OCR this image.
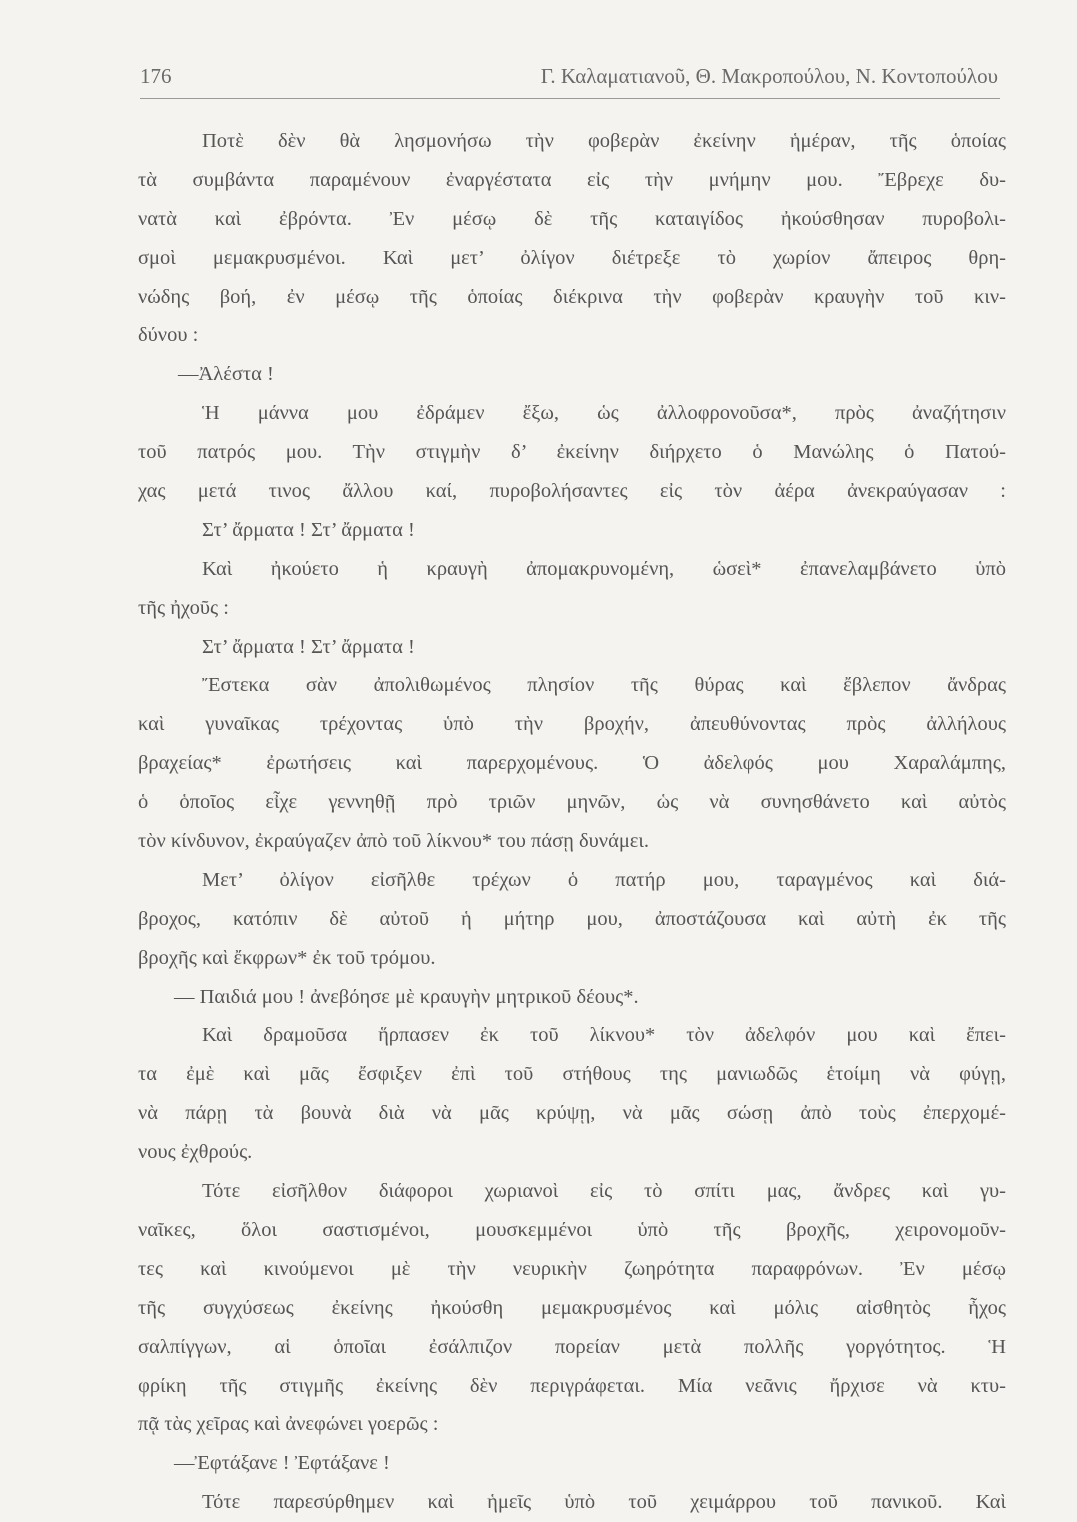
176	Γ. Καλαματιανοῦ, Θ. Μακροπούλου, Ν. Κοντοπούλου
Ποτὲ δὲν θὰ λησμονήσω τὴν φοβερὰν ἐκείνην ἡμέραν, τῆς ὁποίας
τὰ συμβάντα παραμένουν ἐναργέστατα εἰς τὴν μνήμην μου. Ἔβρεχε δυ-
νατὰ καὶ ἐβρόντα. Ἐν μέσῳ δὲ τῆς καταιγίδος ἠκούσθησαν πυροβολι-
σμοὶ μεμακρυσμένοι. Καὶ μετ’ ὀλίγον διέτρεξε τὸ χωρίον ἄπειρος θρη-
νώδης βοή, ἐν μέσῳ τῆς ὁποίας διέκρινα τὴν φοβερὰν κραυγὴν τοῦ κιν-
δύνου :
—Ἀλέστα !
Ἡ μάννα μου ἐδράμεν ἔξω, ὡς ἀλλοφρονοῦσα*, πρὸς ἀναζήτησιν
τοῦ πατρός μου. Τὴν στιγμὴν δ’ ἐκείνην διήρχετο ὁ Μανώλης ὁ Πατού-
χας μετά τινος ἄλλου καί, πυροβολήσαντες εἰς τὸν ἀέρα ἀνεκραύγασαν :
Στ’ ἄρματα ! Στ’ ἄρματα !
Καὶ ἠκούετο ἡ κραυγὴ ἀπομακρυνομένη, ὡσεὶ* ἐπανελαμβάνετο ὑπὸ
τῆς ἠχοῦς :
Στ’ ἄρματα ! Στ’ ἄρματα !
Ἔστεκα σὰν ἀπολιθωμένος πλησίον τῆς θύρας καὶ ἔβλεπον ἄνδρας
καὶ γυναῖκας τρέχοντας ὑπὸ τὴν βροχήν, ἀπευθύνοντας πρὸς ἀλλήλους
βραχείας* ἐρωτήσεις καὶ παρερχομένους. Ὁ ἀδελφός μου Χαραλάμπης,
ὁ ὁποῖος εἶχε γεννηθῇ πρὸ τριῶν μηνῶν, ὡς νὰ συνησθάνετο καὶ αὐτὸς
τὸν κίνδυνον, ἐκραύγαζεν ἀπὸ τοῦ λίκνου* του πάσῃ δυνάμει.
Μετ’ ὀλίγον εἰσῆλθε τρέχων ὁ πατήρ μου, ταραγμένος καὶ διά-
βροχος, κατόπιν δὲ αὐτοῦ ἡ μήτηρ μου, ἀποστάζουσα καὶ αὐτὴ ἐκ τῆς
βροχῆς καὶ ἔκφρων* ἐκ τοῦ τρόμου.
— Παιδιά μου ! ἀνεβόησε μὲ κραυγὴν μητρικοῦ δέους*.
Καὶ δραμοῦσα ἥρπασεν ἐκ τοῦ λίκνου* τὸν ἀδελφόν μου καὶ ἔπει-
τα ἐμὲ καὶ μᾶς ἔσφιξεν ἐπὶ τοῦ στήθους της μανιωδῶς ἑτοίμη νὰ φύγῃ,
νὰ πάρῃ τὰ βουνὰ διὰ νὰ μᾶς κρύψῃ, νὰ μᾶς σώσῃ ἀπὸ τοὺς ἐπερχομέ-
νους ἐχθρούς.
Τότε εἰσῆλθον διάφοροι χωριανοὶ εἰς τὸ σπίτι μας, ἄνδρες καὶ γυ-
ναῖκες, ὅλοι σαστισμένοι, μουσκεμμένοι ὑπὸ τῆς βροχῆς, χειρονομοῦν-
τες καὶ κινούμενοι μὲ τὴν νευρικὴν ζωηρότητα παραφρόνων. Ἐν μέσῳ
τῆς συγχύσεως ἐκείνης ἠκούσθη μεμακρυσμένος καὶ μόλις αἰσθητὸς ἦχος
σαλπίγγων, αἱ ὁποῖαι ἐσάλπιζον πορείαν μετὰ πολλῆς γοργότητος. Ἡ
φρίκη τῆς στιγμῆς ἐκείνης δὲν περιγράφεται. Μία νεᾶνις ἤρχισε νὰ κτυ-
πᾷ τὰς χεῖρας καὶ ἀνεφώνει γοερῶς :
—Ἐφτάξανε ! Ἐφτάξανε !
Τότε παρεσύρθημεν καὶ ἡμεῖς ὑπὸ τοῦ χειμάρρου τοῦ πανικοῦ. Καὶ
